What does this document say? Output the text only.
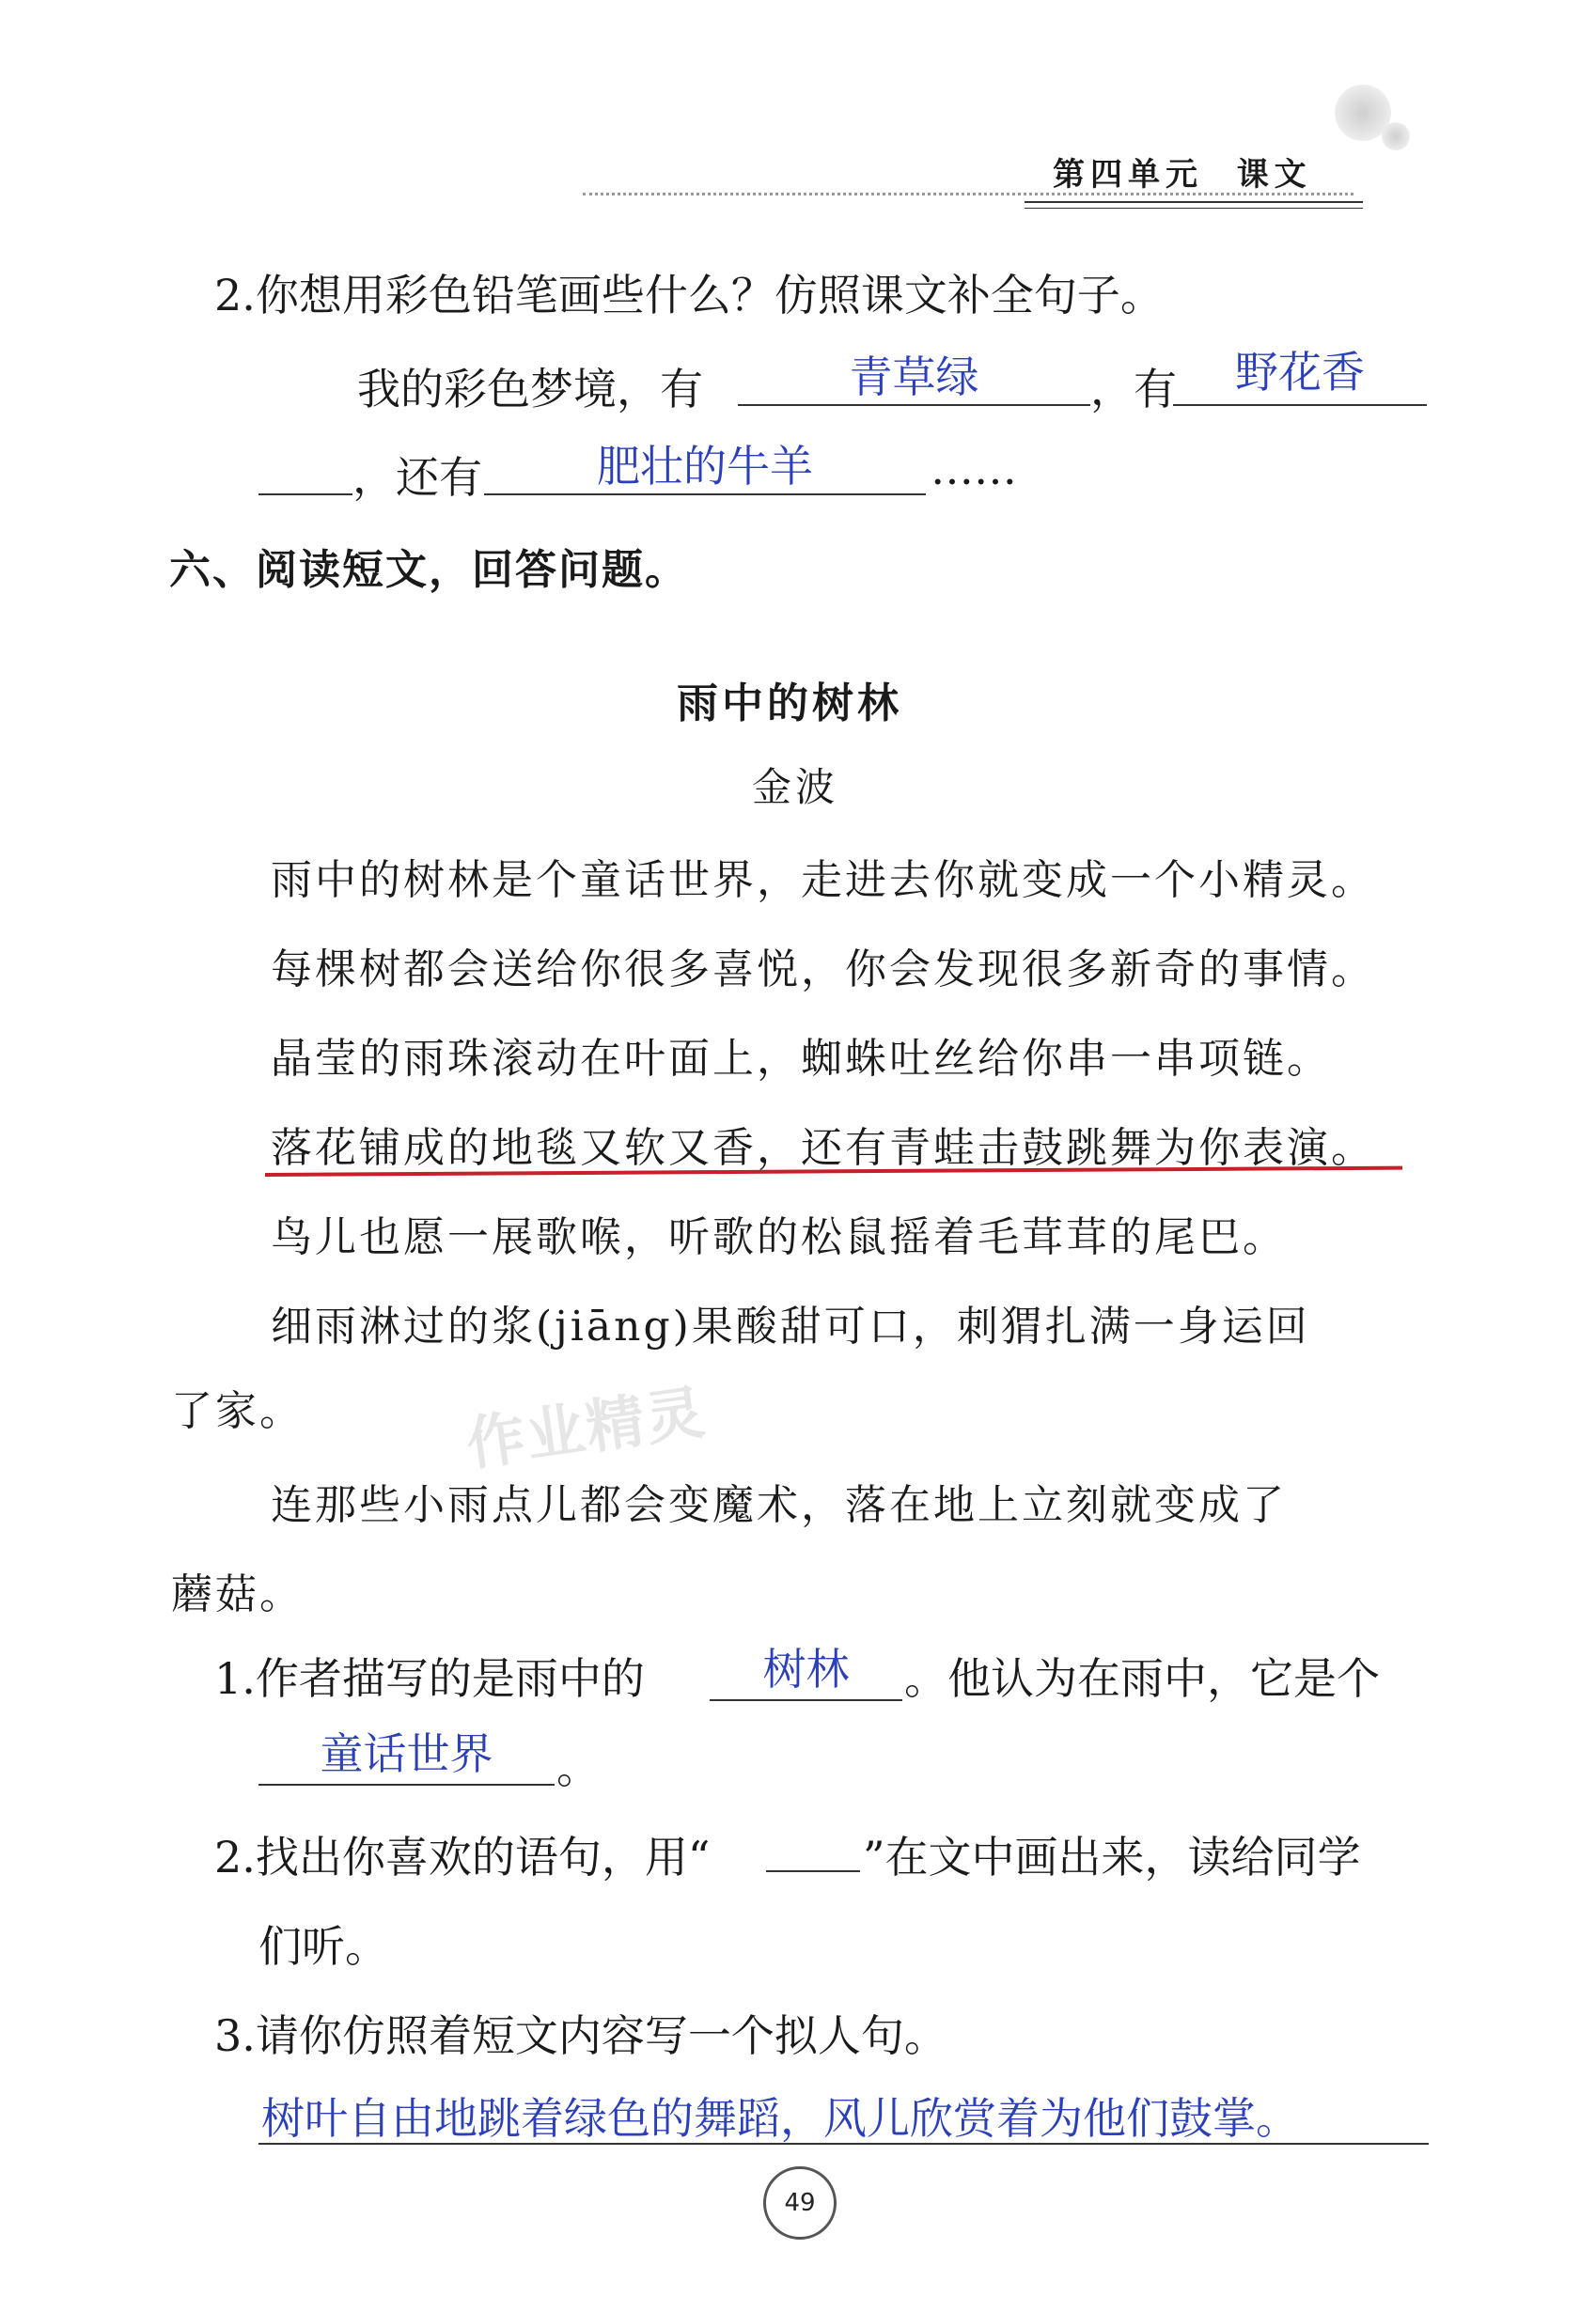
第四单元 课文
2.你想用彩色铅笔画些什么？仿照课文补全句子。
我的彩色梦境，有	青草绿	，有	野花香
，还有	肥壮的牛羊	……
六、阅读短文，回答问题。
雨中的树林
金波
雨中的树林是个童话世界，走进去你就变成一个小精灵。
每棵树都会送给你很多喜悦，你会发现很多新奇的事情。
晶莹的雨珠滚动在叶面上，蜘蛛吐丝给你串一串项链。
落花铺成的地毯又软又香，还有青蛙击鼓跳舞为你表演。
鸟儿也愿一展歌喉，听歌的松鼠摇着毛茸茸的尾巴。
细雨淋过的浆(jiāng)果酸甜可口，刺猬扎满一身运回
了家。
连那些小雨点儿都会变魔术，落在地上立刻就变成了
蘑菇。
作业精灵
1.作者描写的是雨中的	树林	。他认为在雨中，它是个
童话世界	。
2.找出你喜欢的语句，用“	”在文中画出来，读给同学
们听。
3.请你仿照着短文内容写一个拟人句。
树叶自由地跳着绿色的舞蹈，风儿欣赏着为他们鼓掌。
49
